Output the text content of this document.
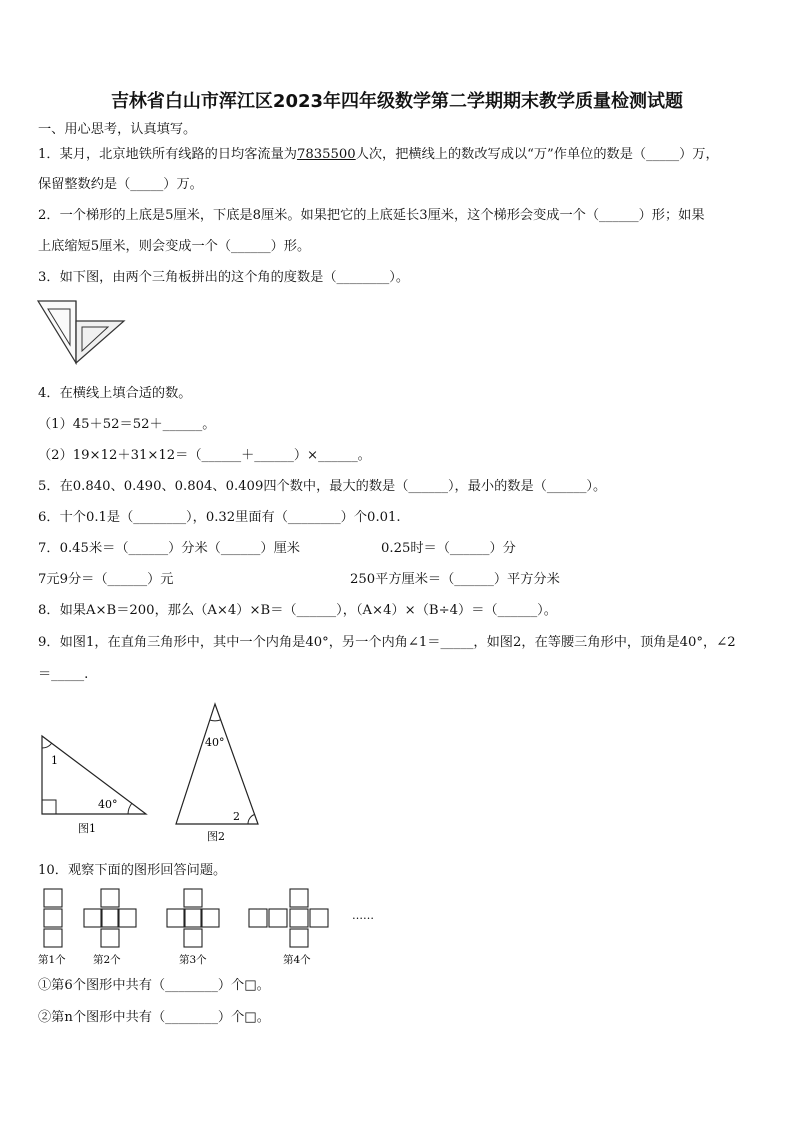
吉林省白山市浑江区2023年四年级数学第二学期期末教学质量检测试题
一、用心思考，认真填写。
1．某月，北京地铁所有线路的日均客流量为7835500人次，把横线上的数改写成以“万”作单位的数是（_____）万，
保留整数约是（_____）万。
2．一个梯形的上底是5厘米，下底是8厘米。如果把它的上底延长3厘米，这个梯形会变成一个（______）形；如果
上底缩短5厘米，则会变成一个（______）形。
3．如下图，由两个三角板拼出的这个角的度数是（________）。
4．在横线上填合适的数。
（1）45＋52＝52＋______。
（2）19×12＋31×12＝（______＋______）×______。
5．在0.840、0.490、0.804、0.409四个数中，最大的数是（______），最小的数是（______）。
6．十个0.1是（________），0.32里面有（________）个0.01.
7．0.45米＝（______）分米（______）厘米	0.25时＝（______）分
7元9分＝（______）元	250平方厘米＝（______）平方分米
8．如果A×B＝200，那么（A×4）×B＝（______），（A×4）×（B÷4）＝（______）。
9．如图1，在直角三角形中，其中一个内角是40°，另一个内角∠1＝_____，如图2，在等腰三角形中，顶角是40°，∠2
＝_____.
1
40°
图1
40°
2
图2
10．观察下面的图形回答问题。
……
第1个	第2个	第3个	第4个
①第6个图形中共有（________）个□。
②第n个图形中共有（________）个□。
